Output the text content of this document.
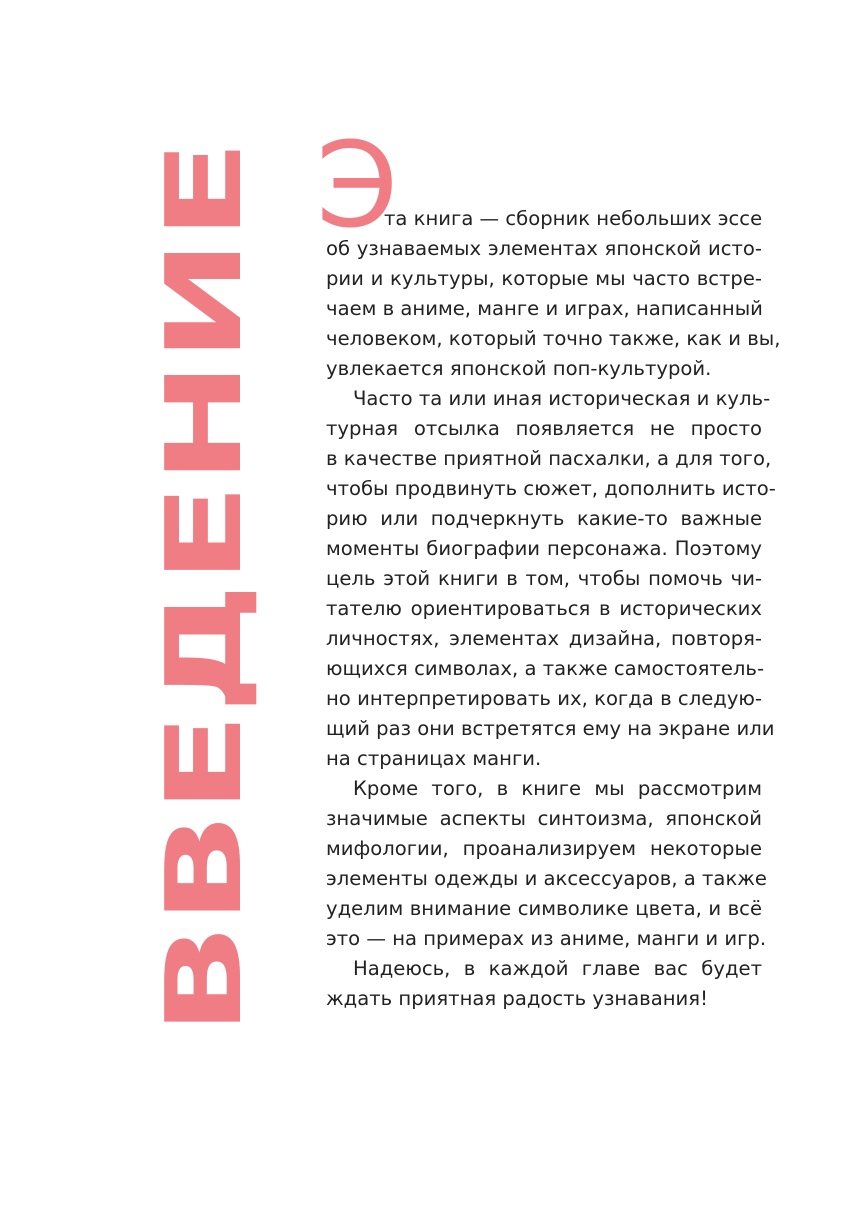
ВВЕДЕНИЕ
Э
та книга — сборник небольших эссе
об узнаваемых элементах японской исто-
рии и культуры, которые мы часто встре-
чаем в аниме, манге и играх, написанный
человеком, который точно также, как и вы,
увлекается японской поп-культурой.
Часто та или иная историческая и куль-
турная отсылка появляется не просто
в качестве приятной пасхалки, а для того,
чтобы продвинуть сюжет, дополнить исто-
рию или подчеркнуть какие-то важные
моменты биографии персонажа. Поэтому
цель этой книги в том, чтобы помочь чи-
тателю ориентироваться в исторических
личностях, элементах дизайна, повторя-
ющихся символах, а также самостоятель-
но интерпретировать их, когда в следую-
щий раз они встретятся ему на экране или
на страницах манги.
Кроме того, в книге мы рассмотрим
значимые аспекты синтоизма, японской
мифологии, проанализируем некоторые
элементы одежды и аксессуаров, а также
уделим внимание символике цвета, и всё
это — на примерах из аниме, манги и игр.
Надеюсь, в каждой главе вас будет
ждать приятная радость узнавания!
